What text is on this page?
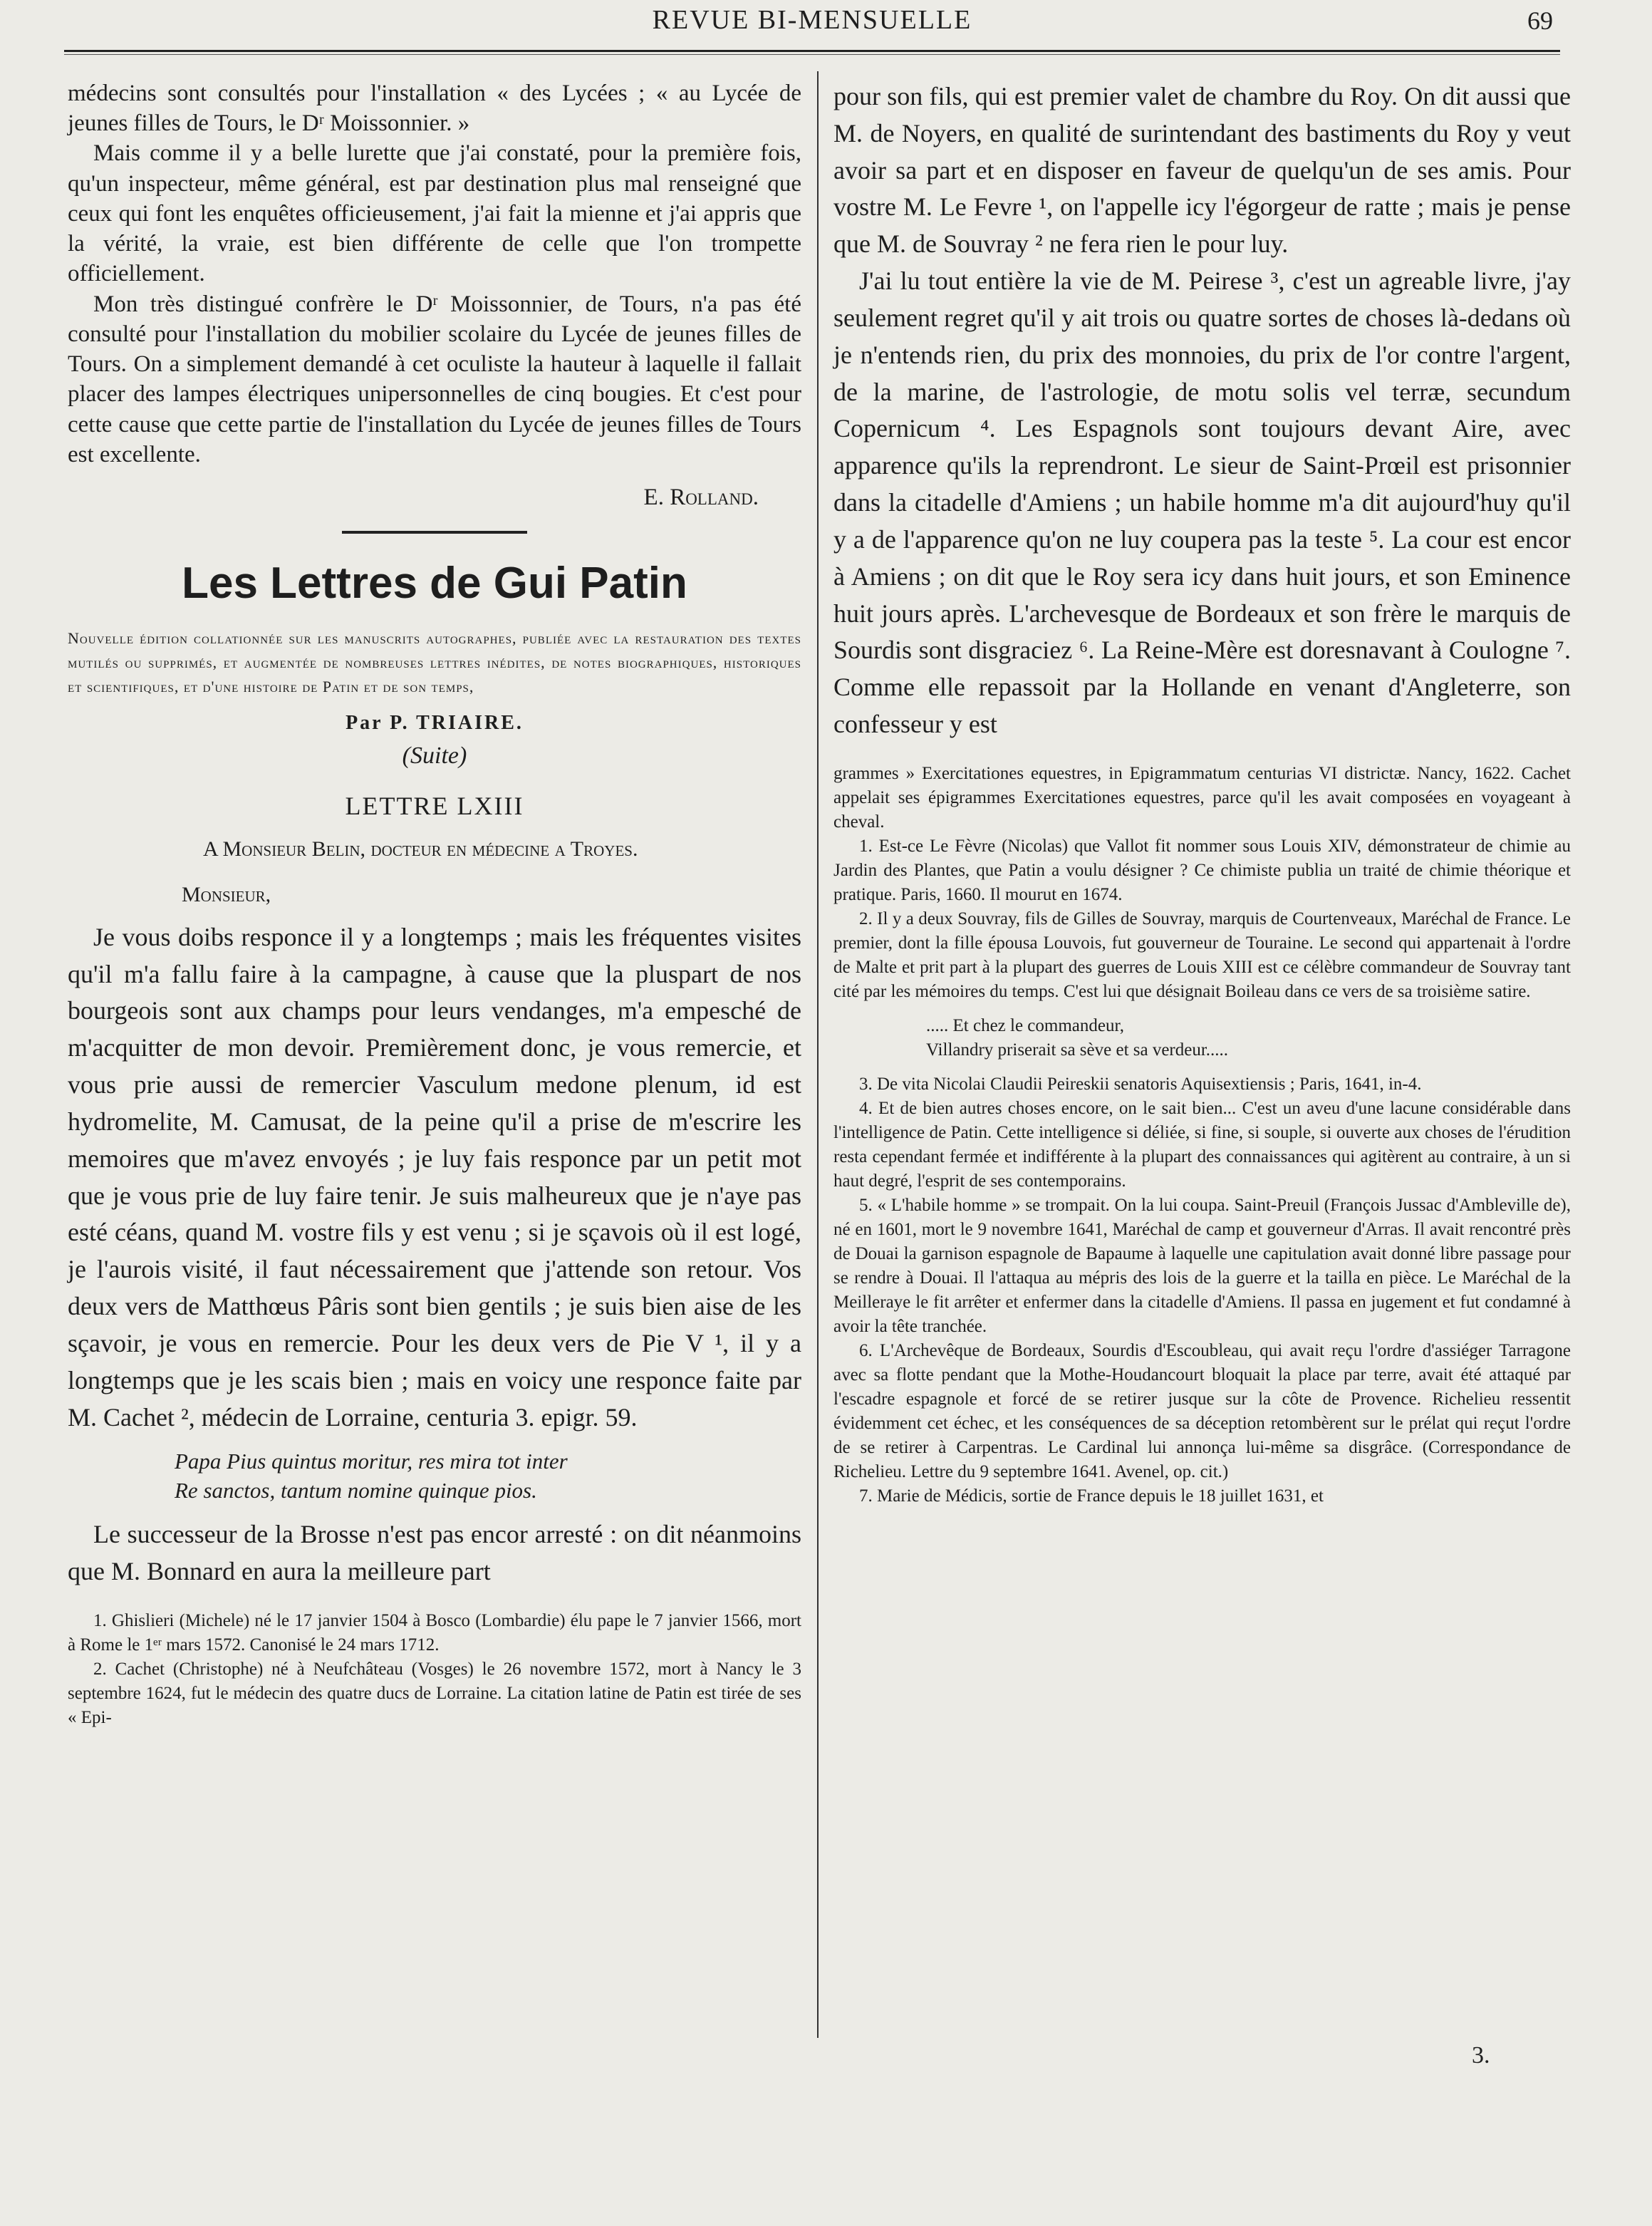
REVUE BI-MENSUELLE	69

médecins sont consultés pour l'installation « des Lycées ; « au Lycée de jeunes filles de Tours, le Dʳ Moissonnier. »

Mais comme il y a belle lurette que j'ai constaté, pour la première fois, qu'un inspecteur, même général, est par destination plus mal renseigné que ceux qui font les enquêtes officieusement, j'ai fait la mienne et j'ai appris que la vérité, la vraie, est bien différente de celle que l'on trompette officiellement.

Mon très distingué confrère le Dʳ Moissonnier, de Tours, n'a pas été consulté pour l'installation du mobilier scolaire du Lycée de jeunes filles de Tours. On a simplement demandé à cet oculiste la hauteur à laquelle il fallait placer des lampes électriques unipersonnelles de cinq bougies. Et c'est pour cette cause que cette partie de l'installation du Lycée de jeunes filles de Tours est excellente.

E. Rolland.
Les Lettres de Gui Patin
Nouvelle édition collationnée sur les manuscrits autographes, publiée avec la restauration des textes mutilés ou supprimés, et augmentée de nombreuses lettres inédites, de notes biographiques, historiques et scientifiques, et d'une histoire de Patin et de son temps,
Par P. TRIAIRE.
(Suite)
LETTRE LXIII
A Monsieur Belin, docteur en médecine a Troyes.
Monsieur,

Je vous doibs responce il y a longtemps ; mais les fréquentes visites qu'il m'a fallu faire à la campagne, à cause que la pluspart de nos bourgeois sont aux champs pour leurs vendanges, m'a empesché de m'acquitter de mon devoir. Premièrement donc, je vous remercie, et vous prie aussi de remercier Vasculum medone plenum, id est hydromelite, M. Camusat, de la peine qu'il a prise de m'escrire les memoires que m'avez envoyés ; je luy fais responce par un petit mot que je vous prie de luy faire tenir. Je suis malheureux que je n'aye pas esté céans, quand M. vostre fils y est venu ; si je sçavois où il est logé, je l'aurois visité, il faut nécessairement que j'attende son retour. Vos deux vers de Matthœus Pâris sont bien gentils ; je suis bien aise de les sçavoir, je vous en remercie. Pour les deux vers de Pie V ¹, il y a longtemps que je les scais bien ; mais en voicy une responce faite par M. Cachet ², médecin de Lorraine, centuria 3. epigr. 59.

Papa Pius quintus moritur, res mira tot inter
Re sanctos, tantum nomine quinque pios.

Le successeur de la Brosse n'est pas encor arresté : on dit néanmoins que M. Bonnard en aura la meilleure part

1. Ghislieri (Michele) né le 17 janvier 1504 à Bosco (Lombardie) élu pape le 7 janvier 1566, mort à Rome le 1ᵉʳ mars 1572. Canonisé le 24 mars 1712.

2. Cachet (Christophe) né à Neufchâteau (Vosges) le 26 novembre 1572, mort à Nancy le 3 septembre 1624, fut le médecin des quatre ducs de Lorraine. La citation latine de Patin est tirée de ses « Epi-

pour son fils, qui est premier valet de chambre du Roy. On dit aussi que M. de Noyers, en qualité de surintendant des bastiments du Roy y veut avoir sa part et en disposer en faveur de quelqu'un de ses amis. Pour vostre M. Le Fevre ¹, on l'appelle icy l'égorgeur de ratte ; mais je pense que M. de Souvray ² ne fera rien le pour luy.

J'ai lu tout entière la vie de M. Peirese ³, c'est un agreable livre, j'ay seulement regret qu'il y ait trois ou quatre sortes de choses là-dedans où je n'entends rien, du prix des monnoies, du prix de l'or contre l'argent, de la marine, de l'astrologie, de motu solis vel terræ, secundum Copernicum ⁴. Les Espagnols sont toujours devant Aire, avec apparence qu'ils la reprendront. Le sieur de Saint-Prœil est prisonnier dans la citadelle d'Amiens ; un habile homme m'a dit aujourd'huy qu'il y a de l'apparence qu'on ne luy coupera pas la teste ⁵. La cour est encor à Amiens ; on dit que le Roy sera icy dans huit jours, et son Eminence huit jours après. L'archevesque de Bordeaux et son frère le marquis de Sourdis sont disgraciez ⁶. La Reine-Mère est doresnavant à Coulogne ⁷. Comme elle repassoit par la Hollande en venant d'Angleterre, son confesseur y est

grammes » Exercitationes equestres, in Epigrammatum centurias VI districtæ. Nancy, 1622. Cachet appelait ses épigrammes Exercitationes equestres, parce qu'il les avait composées en voyageant à cheval.

1. Est-ce Le Fèvre (Nicolas) que Vallot fit nommer sous Louis XIV, démonstrateur de chimie au Jardin des Plantes, que Patin a voulu désigner ? Ce chimiste publia un traité de chimie théorique et pratique. Paris, 1660. Il mourut en 1674.

2. Il y a deux Souvray, fils de Gilles de Souvray, marquis de Courtenveaux, Maréchal de France. Le premier, dont la fille épousa Louvois, fut gouverneur de Touraine. Le second qui appartenait à l'ordre de Malte et prit part à la plupart des guerres de Louis XIII est ce célèbre commandeur de Souvray tant cité par les mémoires du temps. C'est lui que désignait Boileau dans ce vers de sa troisième satire.

..... Et chez le commandeur,
Villandry priserait sa sève et sa verdeur.....

3. De vita Nicolai Claudii Peireskii senatoris Aquisextiensis ; Paris, 1641, in-4.

4. Et de bien autres choses encore, on le sait bien... C'est un aveu d'une lacune considérable dans l'intelligence de Patin. Cette intelligence si déliée, si fine, si souple, si ouverte aux choses de l'érudition resta cependant fermée et indifférente à la plupart des connaissances qui agitèrent au contraire, à un si haut degré, l'esprit de ses contemporains.

5. « L'habile homme » se trompait. On la lui coupa. Saint-Preuil (François Jussac d'Ambleville de), né en 1601, mort le 9 novembre 1641, Maréchal de camp et gouverneur d'Arras. Il avait rencontré près de Douai la garnison espagnole de Bapaume à laquelle une capitulation avait donné libre passage pour se rendre à Douai. Il l'attaqua au mépris des lois de la guerre et la tailla en pièce. Le Maréchal de la Meilleraye le fit arrêter et enfermer dans la citadelle d'Amiens. Il passa en jugement et fut condamné à avoir la tête tranchée.

6. L'Archevêque de Bordeaux, Sourdis d'Escoubleau, qui avait reçu l'ordre d'assiéger Tarragone avec sa flotte pendant que la Mothe-Houdancourt bloquait la place par terre, avait été attaqué par l'escadre espagnole et forcé de se retirer jusque sur la côte de Provence. Richelieu ressentit évidemment cet échec, et les conséquences de sa déception retombèrent sur le prélat qui reçut l'ordre de se retirer à Carpentras. Le Cardinal lui annonça lui-même sa disgrâce. (Correspondance de Richelieu. Lettre du 9 septembre 1641. Avenel, op. cit.)

7. Marie de Médicis, sortie de France depuis le 18 juillet 1631, et

3.
